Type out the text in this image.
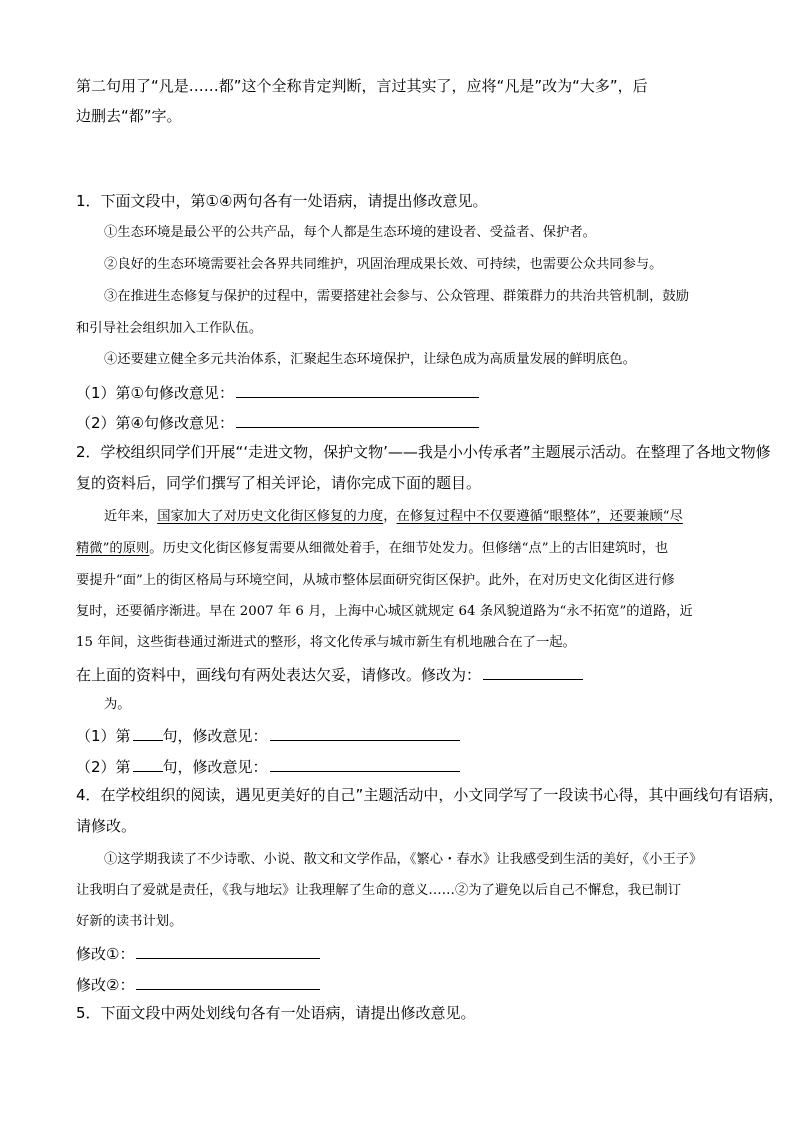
第二句用了“凡是……都”这个全称肯定判断，言过其实了，应将“凡是”改为“大多”，后
边删去“都”字。
1．下面文段中，第①④两句各有一处语病，请提出修改意见。
①生态环境是最公平的公共产品，每个人都是生态环境的建设者、受益者、保护者。
②良好的生态环境需要社会各界共同维护，巩固治理成果长效、可持续，也需要公众共同参与。
③在推进生态修复与保护的过程中，需要搭建社会参与、公众管理、群策群力的共治共管机制，鼓励
和引导社会组织加入工作队伍。
④还要建立健全多元共治体系，汇聚起生态环境保护，让绿色成为高质量发展的鲜明底色。
（1）第①句修改意见：
（2）第④句修改意见：
2．学校组织同学们开展“‘走进文物，保护文物’——我是小小传承者”主题展示活动。在整理了各地文物修
复的资料后，同学们撰写了相关评论，请你完成下面的题目。
近年来，国家加大了对历史文化街区修复的力度，在修复过程中不仅要遵循“眼整体”，还要兼顾“尽
精微”的原则。历史文化街区修复需要从细微处着手，在细节处发力。但修缮“点”上的古旧建筑时，也
要提升“面”上的街区格局与环境空间，从城市整体层面研究街区保护。此外，在对历史文化街区进行修
复时，还要循序渐进。早在 2007 年 6 月，上海中心城区就规定 64 条风貌道路为“永不拓宽”的道路，近
15 年间，这些街巷通过渐进式的整形，将文化传承与城市新生有机地融合在了一起。
在上面的资料中，画线句有两处表达欠妥，请修改。修改为：
为。
（1）第 句，修改意见：
（2）第 句，修改意见：
4．在学校组织的阅读，遇见更美好的自己”主题活动中，小文同学写了一段读书心得，其中画线句有语病，
请修改。
①这学期我读了不少诗歌、小说、散文和文学作品，《繁心・春水》让我感受到生活的美好，《小王子》
让我明白了爱就是责任，《我与地坛》让我理解了生命的意义……②为了避免以后自己不懈怠，我已制订
好新的读书计划。
修改①：
修改②：
5．下面文段中两处划线句各有一处语病，请提出修改意见。
